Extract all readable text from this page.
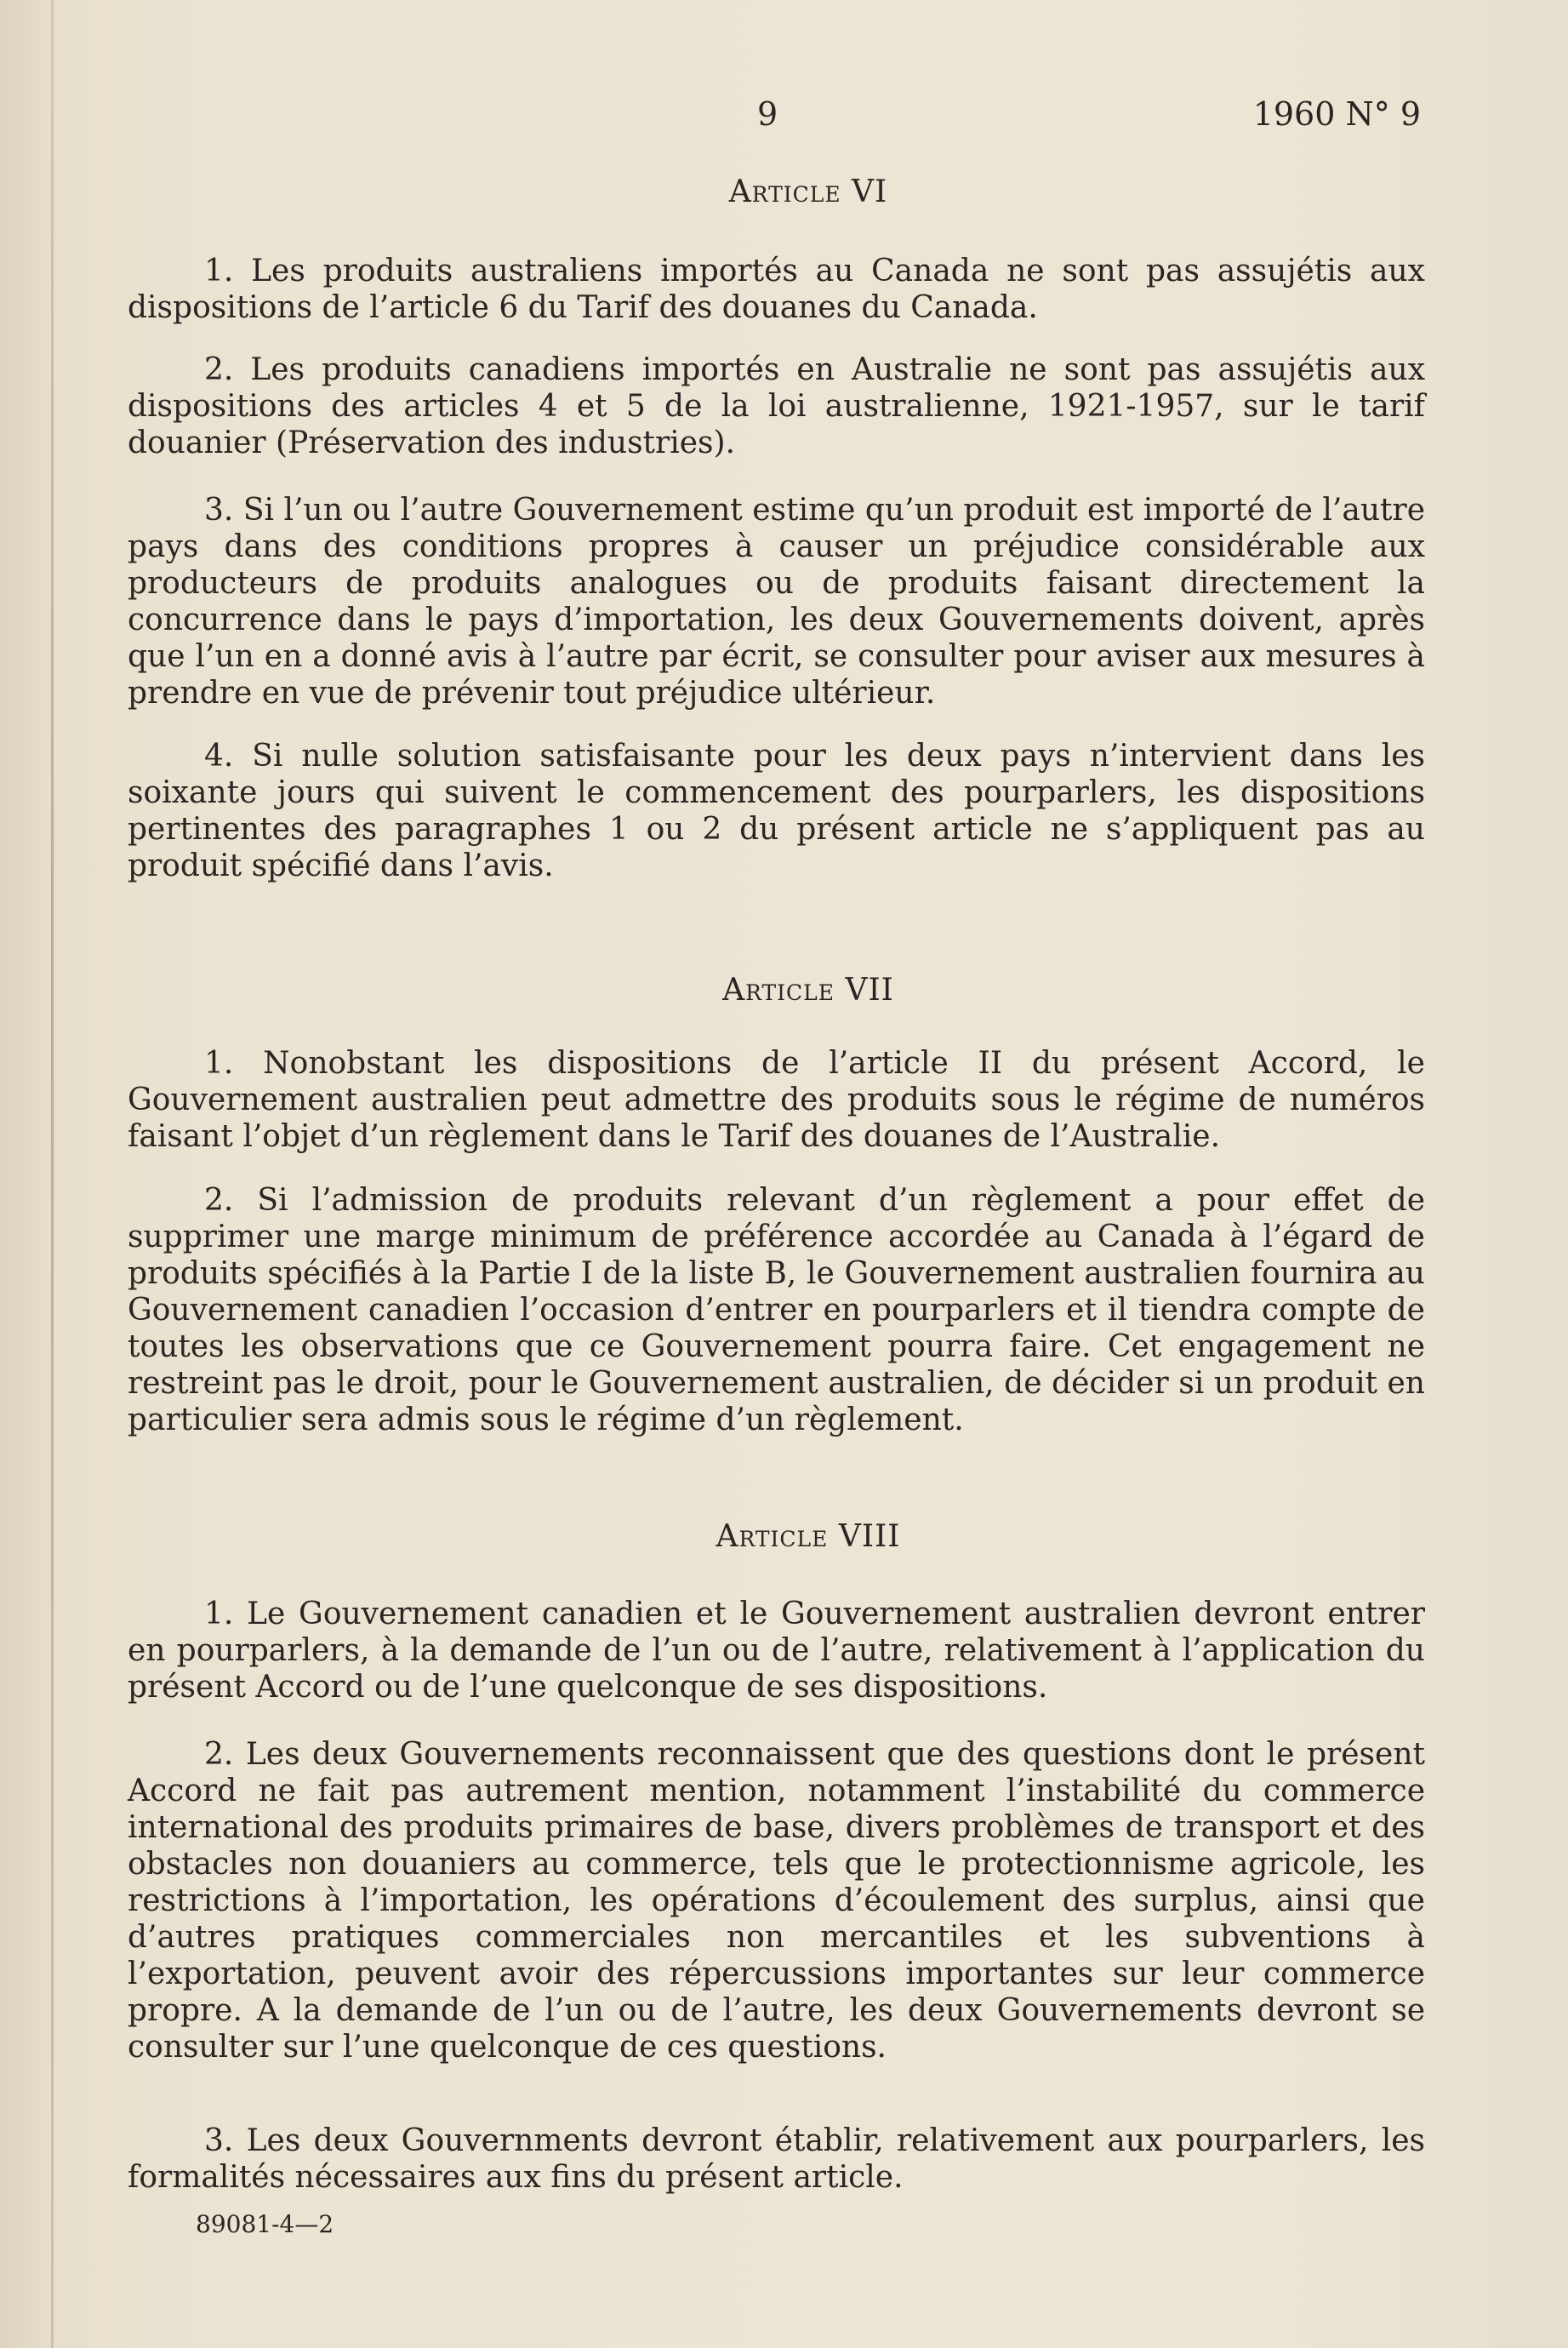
9	1960 N° 9
Article VI

1. Les produits australiens importés au Canada ne sont pas assujétis aux dispositions de l’article 6 du Tarif des douanes du Canada.

2. Les produits canadiens importés en Australie ne sont pas assujétis aux dispositions des articles 4 et 5 de la loi australienne, 1921-1957, sur le tarif douanier (Préservation des industries).

3. Si l’un ou l’autre Gouvernement estime qu’un produit est importé de l’autre pays dans des conditions propres à causer un préjudice considérable aux producteurs de produits analogues ou de produits faisant directement la concurrence dans le pays d’importation, les deux Gouvernements doivent, après que l’un en a donné avis à l’autre par écrit, se consulter pour aviser aux mesures à prendre en vue de prévenir tout préjudice ultérieur.

4. Si nulle solution satisfaisante pour les deux pays n’intervient dans les soixante jours qui suivent le commencement des pourparlers, les dispositions pertinentes des paragraphes 1 ou 2 du présent article ne s’appliquent pas au produit spécifié dans l’avis.

Article VII

1. Nonobstant les dispositions de l’article II du présent Accord, le Gouvernement australien peut admettre des produits sous le régime de numéros faisant l’objet d’un règlement dans le Tarif des douanes de l’Australie.

2. Si l’admission de produits relevant d’un règlement a pour effet de supprimer une marge minimum de préférence accordée au Canada à l’égard de produits spécifiés à la Partie I de la liste B, le Gouvernement australien fournira au Gouvernement canadien l’occasion d’entrer en pourparlers et il tiendra compte de toutes les observations que ce Gouvernement pourra faire. Cet engagement ne restreint pas le droit, pour le Gouvernement australien, de décider si un produit en particulier sera admis sous le régime d’un règlement.

Article VIII

1. Le Gouvernement canadien et le Gouvernement australien devront entrer en pourparlers, à la demande de l’un ou de l’autre, relativement à l’application du présent Accord ou de l’une quelconque de ses dispositions.

2. Les deux Gouvernements reconnaissent que des questions dont le présent Accord ne fait pas autrement mention, notamment l’instabilité du commerce international des produits primaires de base, divers problèmes de transport et des obstacles non douaniers au commerce, tels que le protectionnisme agricole, les restrictions à l’importation, les opérations d’écoulement des surplus, ainsi que d’autres pratiques commerciales non mercantiles et les subventions à l’exportation, peuvent avoir des répercussions importantes sur leur commerce propre. A la demande de l’un ou de l’autre, les deux Gouvernements devront se consulter sur l’une quelconque de ces questions.

3. Les deux Gouvernments devront établir, relativement aux pourparlers, les formalités nécessaires aux fins du présent article.

89081-4—2
